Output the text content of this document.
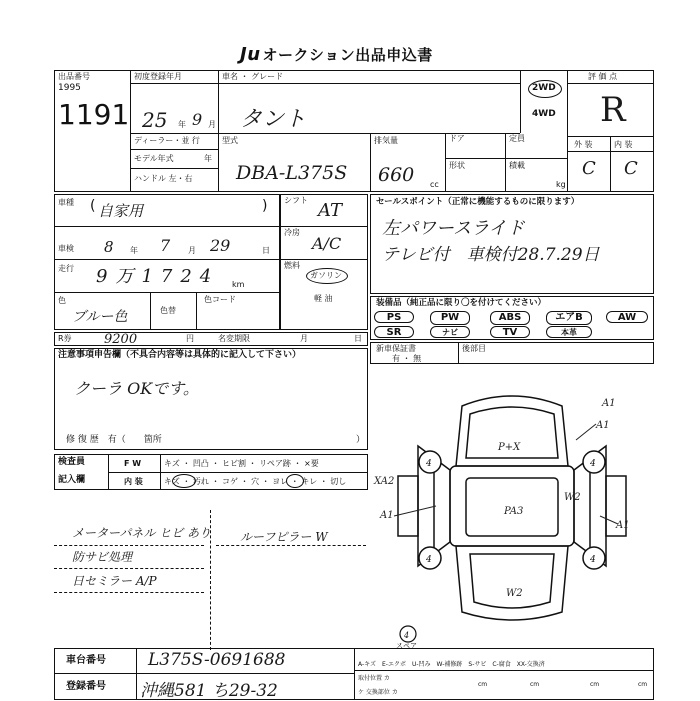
Ju オークション出品申込書
出品番号
1995
1191
初度登録年月
25 年 9 月
ディーラー・並 行
モデル年式	年
ハンドル 左・右
車名 ・ グレード
タント
型式
DBA-L375S
排気量
660 cc
ドア
形状
定員
積載
kg
2WD
4WD
評 価 点
R
外 装	内 装
C C
車種 ( 自家用	)
車検 8 年 7 月 29	日
走行 9万1724 km
色
ブルー色	色替
色コード
シフト AT
冷房
A/C
燃料
ガソリン
軽 油
R券 9200	円	名変期限	月	日
注意事項申告欄（不具合内容等は具体的に記入して下さい）
クーラ OKです。
修 復 歴　有（　　箇所	）
検査員
記入欄
F W	キズ ・ 凹凸 ・ ヒビ割 ・ リペア跡 ・ ×要
内 装	キズ ・ 汚れ ・ コゲ ・ 穴 ・ ヨレ ・ キレ ・ 切し
メーターパネル ヒビ あり
防サビ処理
日セミラー A/P
ルーフピラー W
セールスポイント（正常に機能するものに限ります）
左パワースライド
テレビ付　車検付28.7.29日
装備品（純正品に限り〇を付けてください）
PS	PW	ABS	エアB	AW
SR	ナビ	TV	本革
新車保証書
有 ・ 無
後部目
4	4
4	4
P+X
A1
A1
XA2
A1	PA3
W2
A1
W2
4
スペア
車台番号 L375S-0691688
登録番号 沖縄581 ち29-32
A-キズ　E-エクボ　U-凹み　W-補修跡　S-サビ　C-腐食　XX-交換済
取付位置 カ
ケ 交換部位 カ
cm	cm	cm	cm
